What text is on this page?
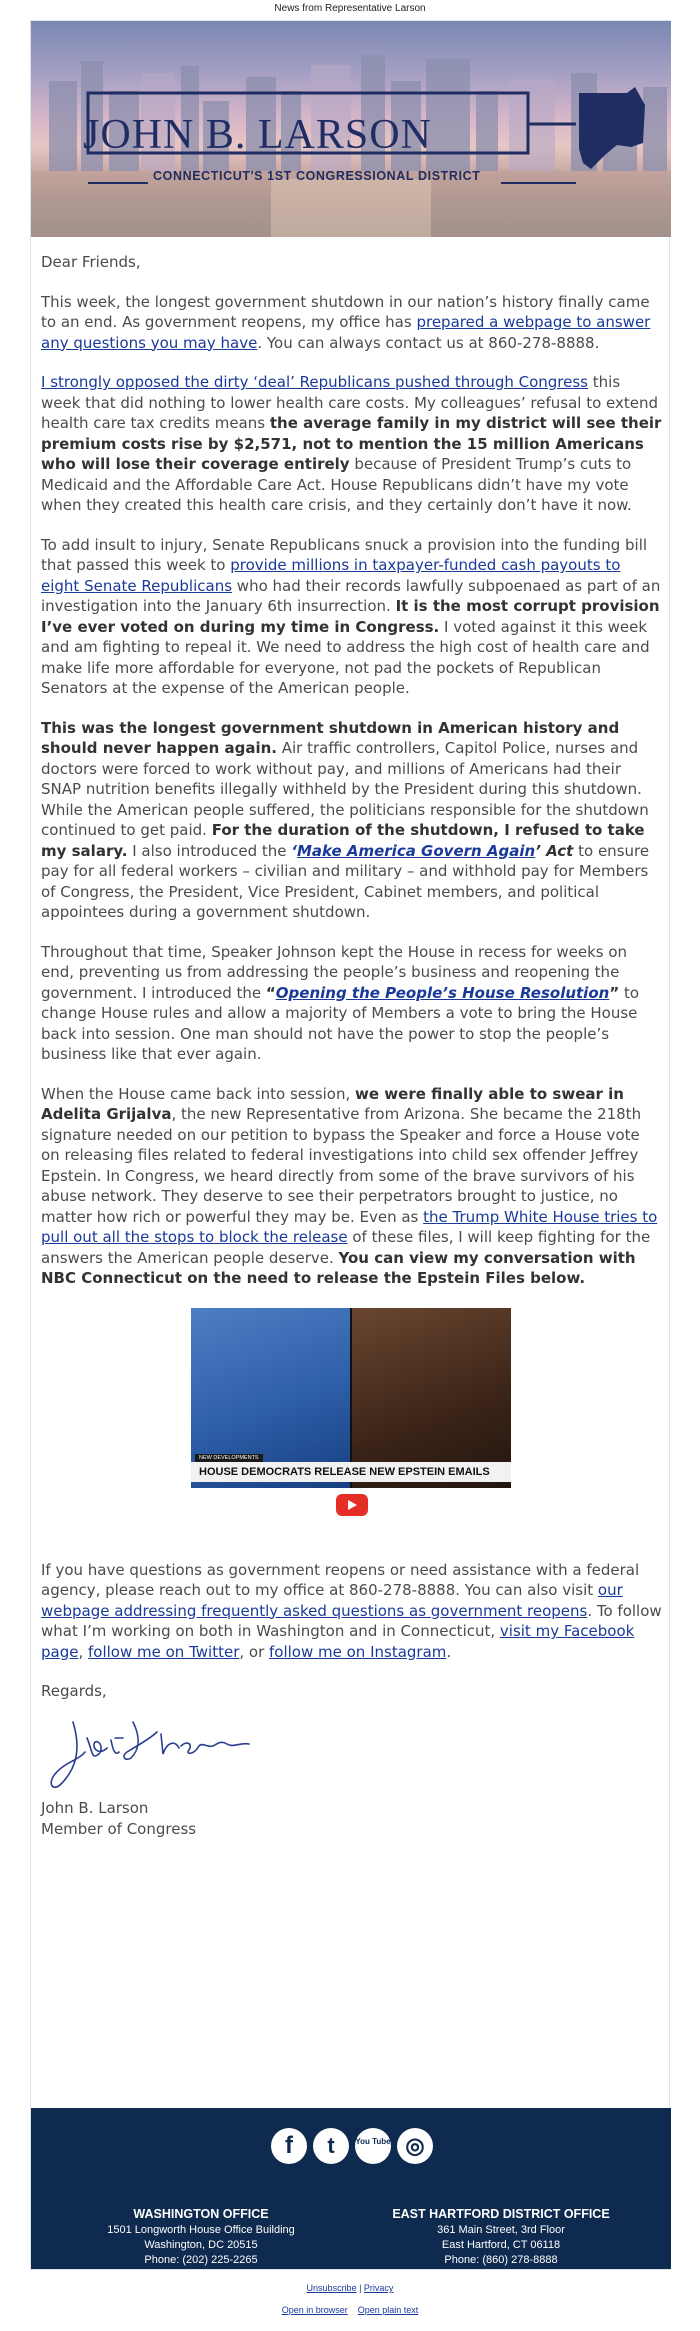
News from Representative Larson
JOHN B. LARSON
CONNECTICUT'S 1ST CONGRESSIONAL DISTRICT

Dear Friends,

This week, the longest government shutdown in our nation’s history finally came to an end. As government reopens, my office has prepared a webpage to answer any questions you may have. You can always contact us at 860-278-8888.

I strongly opposed the dirty ‘deal’ Republicans pushed through Congress this week that did nothing to lower health care costs. My colleagues’ refusal to extend health care tax credits means the average family in my district will see their premium costs rise by $2,571, not to mention the 15 million Americans who will lose their coverage entirely because of President Trump’s cuts to Medicaid and the Affordable Care Act. House Republicans didn’t have my vote when they created this health care crisis, and they certainly don’t have it now.

To add insult to injury, Senate Republicans snuck a provision into the funding bill that passed this week to provide millions in taxpayer-funded cash payouts to eight Senate Republicans who had their records lawfully subpoenaed as part of an investigation into the January 6th insurrection. It is the most corrupt provision I’ve ever voted on during my time in Congress. I voted against it this week and am fighting to repeal it. We need to address the high cost of health care and make life more affordable for everyone, not pad the pockets of Republican Senators at the expense of the American people.

This was the longest government shutdown in American history and should never happen again. Air traffic controllers, Capitol Police, nurses and doctors were forced to work without pay, and millions of Americans had their SNAP nutrition benefits illegally withheld by the President during this shutdown. While the American people suffered, the politicians responsible for the shutdown continued to get paid. For the duration of the shutdown, I refused to take my salary. I also introduced the ‘Make America Govern Again’ Act to ensure pay for all federal workers – civilian and military – and withhold pay for Members of Congress, the President, Vice President, Cabinet members, and political appointees during a government shutdown.

Throughout that time, Speaker Johnson kept the House in recess for weeks on end, preventing us from addressing the people’s business and reopening the government. I introduced the “Opening the People’s House Resolution” to change House rules and allow a majority of Members a vote to bring the House back into session. One man should not have the power to stop the people’s business like that ever again.

When the House came back into session, we were finally able to swear in Adelita Grijalva, the new Representative from Arizona. She became the 218th signature needed on our petition to bypass the Speaker and force a House vote on releasing files related to federal investigations into child sex offender Jeffrey Epstein. In Congress, we heard directly from some of the brave survivors of his abuse network. They deserve to see their perpetrators brought to justice, no matter how rich or powerful they may be. Even as the Trump White House tries to pull out all the stops to block the release of these files, I will keep fighting for the answers the American people deserve. You can view my conversation with NBC Connecticut on the need to release the Epstein Files below.

NEW DEVELOPMENTS
HOUSE DEMOCRATS RELEASE NEW EPSTEIN EMAILS

If you have questions as government reopens or need assistance with a federal agency, please reach out to my office at 860-278-8888. You can also visit our webpage addressing frequently asked questions as government reopens. To follow what I’m working on both in Washington and in Connecticut, visit my Facebook page, follow me on Twitter, or follow me on Instagram.

Regards,

John B. Larson
Member of Congress
f	t	You Tube ◎
WASHINGTON OFFICE
1501 Longworth House Office Building
Washington, DC 20515
Phone: (202) 225-2265
EAST HARTFORD DISTRICT OFFICE
361 Main Street, 3rd Floor
East Hartford, CT 06118
Phone: (860) 278-8888
Unsubscribe | Privacy
Open in browser Open plain text
